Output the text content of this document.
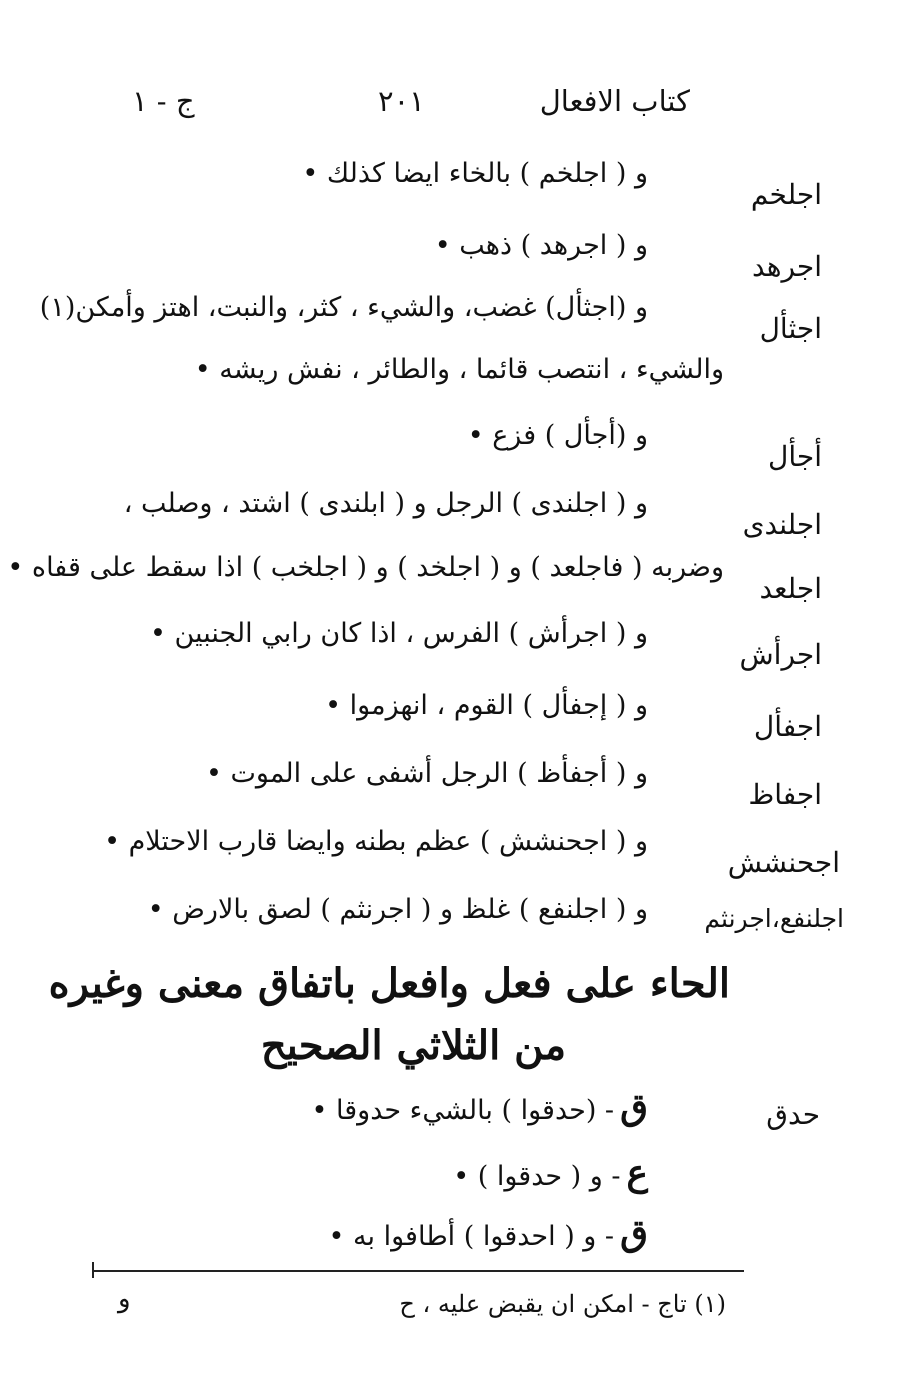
كتاب الافعال
٢٠١
ج - ١
اجلخم
و ( اجلخم ) بالخاء ايضا كذلك •
اجرهد
و ( اجرهد ) ذهب •
اجثأل
و (اجثأل) غضب، والشيء ، كثر، والنبت، اهتز وأمكن(١)
والشيء ، انتصب قائما ، والطائر ، نفش ريشه •
أجأل
و (أجأل ) فزع •
اجلندى
و ( اجلندى ) الرجل و ( ابلندى ) اشتد ، وصلب ،
اجلعد
وضربه ( فاجلعد ) و ( اجلخد ) و ( اجلخب ) اذا سقط على قفاه •
اجرأش
و ( اجرأش ) الفرس ، اذا كان رابي الجنبين •
اجفأل
و ( إجفأل ) القوم ، انهزموا •
اجفاظ
و ( أجفأظ ) الرجل أشفى على الموت •
اجحنشش
و ( اجحنشش ) عظم بطنه وايضا قارب الاحتلام •
اجلنفع،اجرنثم
و ( اجلنفع ) غلظ و ( اجرنثم ) لصق بالارض •
الحاء على فعل وافعل باتفاق معنى وغيره
من الثلاثي الصحيح
حدق
ق- (حدقوا ) بالشيء حدوقا •
ع- و ( حدقوا ) •
ق- و ( احدقوا ) أطافوا به •
(١) تاج - امكن ان يقبض عليه ، ح
و
